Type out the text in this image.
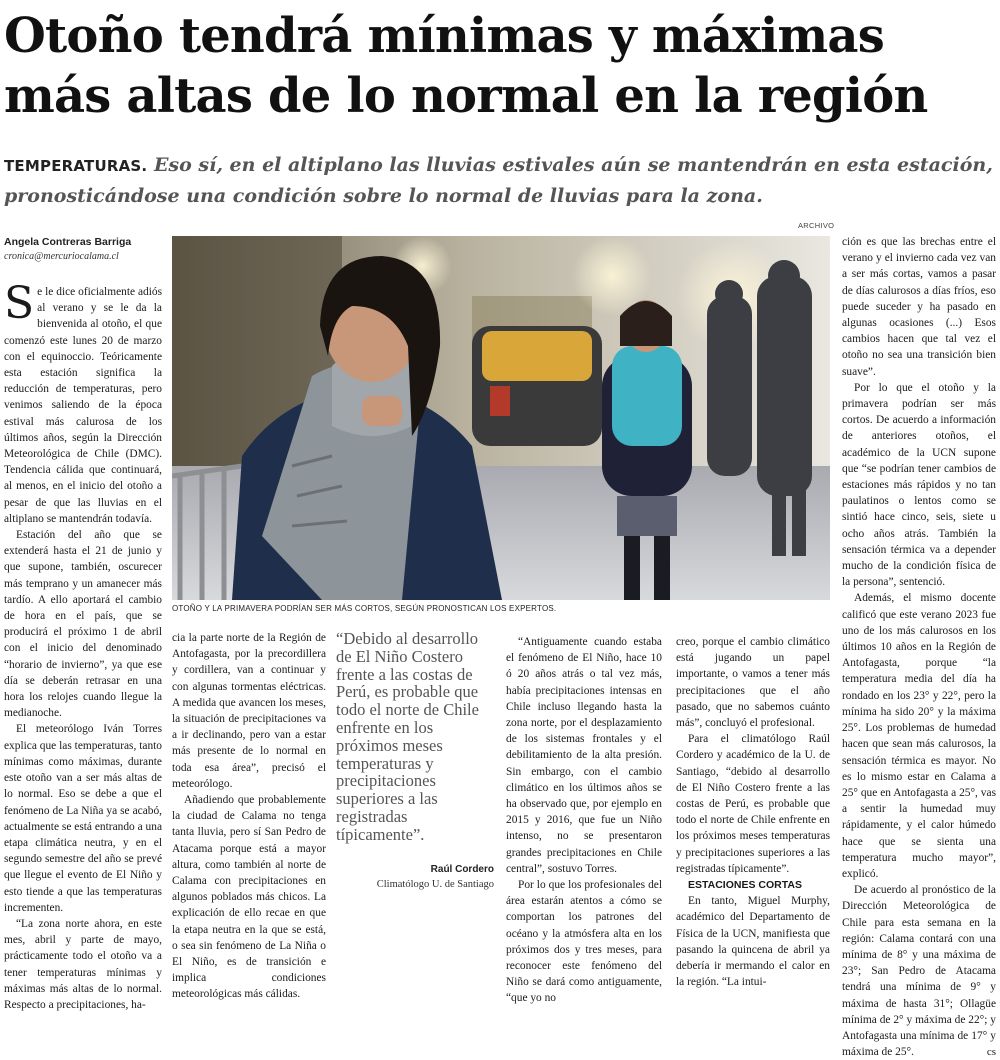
Otoño tendrá mínimas y máximas más altas de lo normal en la región

TEMPERATURAS. Eso sí, en el altiplano las lluvias estivales aún se mantendrán en esta estación, pronosticándose una condición sobre lo normal de lluvias para la zona.

ARCHIVO
Angela Contreras Barriga
cronica@mercuriocalama.cl
OTOÑO Y LA PRIMAVERA PODRÍAN SER MÁS CORTOS, SEGÚN PRONOSTICAN LOS EXPERTOS.

Se le dice oficialmente adiós al verano y se le da la bienvenida al otoño, el que comenzó este lunes 20 de marzo con el equinoccio. Teóricamente esta estación significa la reducción de temperaturas, pero venimos saliendo de la época estival más calurosa de los últimos años, según la Dirección Meteorológica de Chile (DMC). Tendencia cálida que continuará, al menos, en el inicio del otoño a pesar de que las lluvias en el altiplano se mantendrán todavía.

Estación del año que se extenderá hasta el 21 de junio y que supone, también, oscurecer más temprano y un amanecer más tardío. A ello aportará el cambio de hora en el país, que se producirá el próximo 1 de abril con el inicio del denominado “horario de invierno”, ya que ese día se deberán retrasar en una hora los relojes cuando llegue la medianoche.

El meteorólogo Iván Torres explica que las temperaturas, tanto mínimas como máximas, durante este otoño van a ser más altas de lo normal. Eso se debe a que el fenómeno de La Niña ya se acabó, actualmente se está entrando a una etapa climática neutra, y en el segundo semestre del año se prevé que llegue el evento de El Niño y esto tiende a que las temperaturas incrementen.

“La zona norte ahora, en este mes, abril y parte de mayo, prácticamente todo el otoño va a tener temperaturas mínimas y máximas más altas de lo normal. Respecto a precipitaciones, ha-

cia la parte norte de la Región de Antofagasta, por la precordillera y cordillera, van a continuar y con algunas tormentas eléctricas. A medida que avancen los meses, la situación de precipitaciones va a ir declinando, pero van a estar más presente de lo normal en toda esa área”, precisó el meteorólogo.

Añadiendo que probablemente la ciudad de Calama no tenga tanta lluvia, pero sí San Pedro de Atacama porque está a mayor altura, como también al norte de Calama con precipitaciones en algunos poblados más chicos. La explicación de ello recae en que la etapa neutra en la que se está, o sea sin fenómeno de La Niña o El Niño, es de transición e implica condiciones meteorológicas más cálidas.

“Debido al desarrollo de El Niño Costero frente a las costas de Perú, es probable que todo el norte de Chile enfrente en los próximos meses temperaturas y precipitaciones superiores a las registradas típicamente”.

Raúl Cordero
Climatólogo U. de Santiago

“Antiguamente cuando estaba el fenómeno de El Niño, hace 10 ó 20 años atrás o tal vez más, había precipitaciones intensas en Chile incluso llegando hasta la zona norte, por el desplazamiento de los sistemas frontales y el debilitamiento de la alta presión. Sin embargo, con el cambio climático en los últimos años se ha observado que, por ejemplo en 2015 y 2016, que fue un Niño intenso, no se presentaron grandes precipitaciones en Chile central”, sostuvo Torres.

Por lo que los profesionales del área estarán atentos a cómo se comportan los patrones del océano y la atmósfera alta en los próximos dos y tres meses, para reconocer este fenómeno del Niño se dará como antiguamente, “que yo no

creo, porque el cambio climático está jugando un papel importante, o vamos a tener más precipitaciones que el año pasado, que no sabemos cuánto más”, concluyó el profesional.

Para el climatólogo Raúl Cordero y académico de la U. de Santiago, “debido al desarrollo de El Niño Costero frente a las costas de Perú, es probable que todo el norte de Chile enfrente en los próximos meses temperaturas y precipitaciones superiores a las registradas típicamente”.

ESTACIONES CORTAS

En tanto, Miguel Murphy, académico del Departamento de Física de la UCN, manifiesta que pasando la quincena de abril ya debería ir mermando el calor en la región. “La intui-

ción es que las brechas entre el verano y el invierno cada vez van a ser más cortas, vamos a pasar de días calurosos a días fríos, eso puede suceder y ha pasado en algunas ocasiones (...) Esos cambios hacen que tal vez el otoño no sea una transición bien suave”.

Por lo que el otoño y la primavera podrían ser más cortos. De acuerdo a información de anteriores otoños, el académico de la UCN supone que “se podrían tener cambios de estaciones más rápidos y no tan paulatinos o lentos como se sintió hace cinco, seis, siete u ocho años atrás. También la sensación térmica va a depender mucho de la condición física de la persona”, sentenció.

Además, el mismo docente calificó que este verano 2023 fue uno de los más calurosos en los últimos 10 años en la Región de Antofagasta, porque “la temperatura media del día ha rondado en los 23° y 22°, pero la mínima ha sido 20° y la máxima 25°. Los problemas de humedad hacen que sean más calurosos, la sensación térmica es mayor. No es lo mismo estar en Calama a 25° que en Antofagasta a 25°, vas a sentir la humedad muy rápidamente, y el calor húmedo hace que se sienta una temperatura mucho mayor”, explicó.

De acuerdo al pronóstico de la Dirección Meteorológica de Chile para esta semana en la región: Calama contará con una mínima de 8° y una máxima de 23°; San Pedro de Atacama tendrá una mínima de 9° y máxima de hasta 31°; Ollagüe mínima de 2° y máxima de 22°; y Antofagasta una mínima de 17° y máxima de 25°.	cs
